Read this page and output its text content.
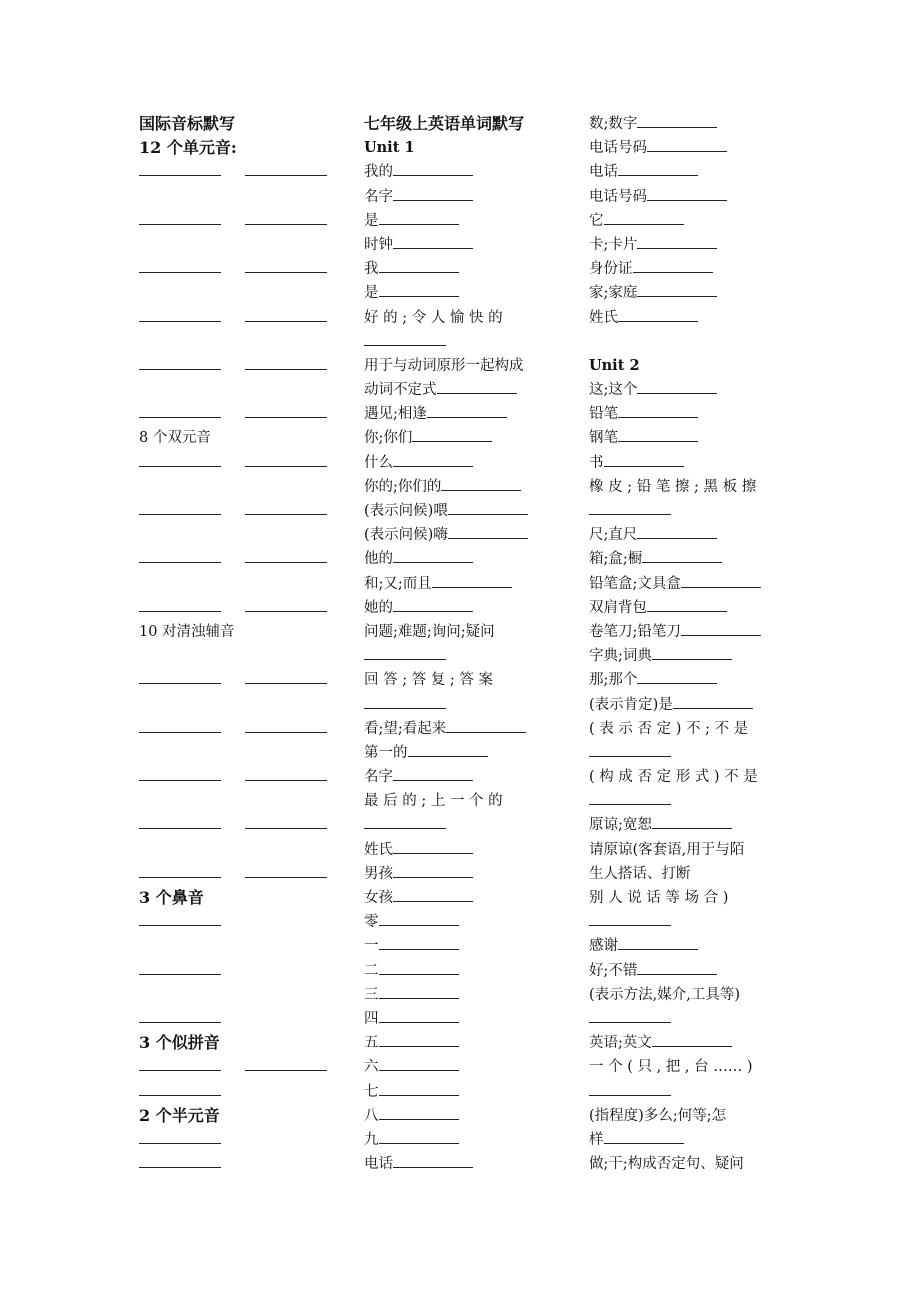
国际音标默写
12 个单元音:
8 个双元音
10 对清浊辅音
3 个鼻音
3 个似拼音
2 个半元音
七年级上英语单词默写
Unit 1
我的
名字
是
时钟
我
是
好 的 ; 令 人 愉 快 的
用于与动词原形一起构成
动词不定式
遇见;相逢
你;你们
什么
你的;你们的
(表示问候)喂
(表示问候)嗨
他的
和;又;而且
她的
问题;难题;询问;疑问
回 答 ; 答 复 ; 答 案
看;望;看起来
第一的
名字
最 后 的 ; 上 一 个 的
姓氏
男孩
女孩
零
一
二
三
四
五
六
七
八
九
电话
数;数字
电话号码
电话
电话号码
它
卡;卡片
身份证
家;家庭
姓氏
Unit 2
这;这个
铅笔
钢笔
书
橡 皮 ; 铅 笔 擦 ; 黑 板 擦
尺;直尺
箱;盒;橱
铅笔盒;文具盒
双肩背包
卷笔刀;铅笔刀
字典;词典
那;那个
(表示肯定)是
( 表 示 否 定 ) 不 ; 不 是
( 构 成 否 定 形 式 ) 不 是
原谅;宽恕
请原谅(客套语,用于与陌
生人搭话、打断
别 人 说 话 等 场 合 )
感谢
好;不错
(表示方法,媒介,工具等)
英语;英文
一 个 ( 只 , 把 , 台 …… )
(指程度)多么;何等;怎
样
做;干;构成否定句、疑问
